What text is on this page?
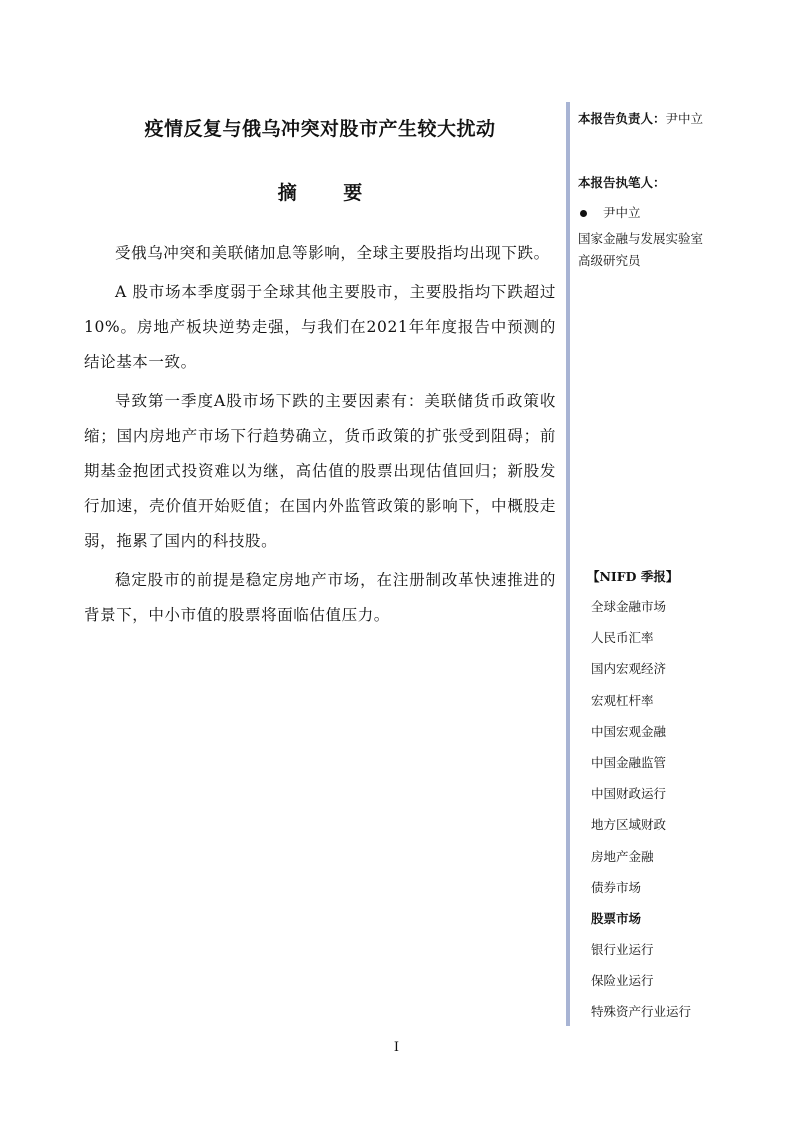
疫情反复与俄乌冲突对股市产生较大扰动
摘 要

受俄乌冲突和美联储加息等影响，全球主要股指均出现下跌。

A 股市场本季度弱于全球其他主要股市，主要股指均下跌超过10%。房地产板块逆势走强，与我们在2021年年度报告中预测的结论基本一致。

导致第一季度A股市场下跌的主要因素有：美联储货币政策收缩；国内房地产市场下行趋势确立，货币政策的扩张受到阻碍；前期基金抱团式投资难以为继，高估值的股票出现估值回归；新股发行加速，壳价值开始贬值；在国内外监管政策的影响下，中概股走弱，拖累了国内的科技股。

稳定股市的前提是稳定房地产市场，在注册制改革快速推进的背景下，中小市值的股票将面临估值压力。

本报告负责人：尹中立
本报告执笔人：
尹中立
国家金融与发展实验室
高级研究员
【NIFD 季报】
全球金融市场
人民币汇率
国内宏观经济
宏观杠杆率
中国宏观金融
中国金融监管
中国财政运行
地方区域财政
房地产金融
债券市场
股票市场
银行业运行
保险业运行
特殊资产行业运行
I
